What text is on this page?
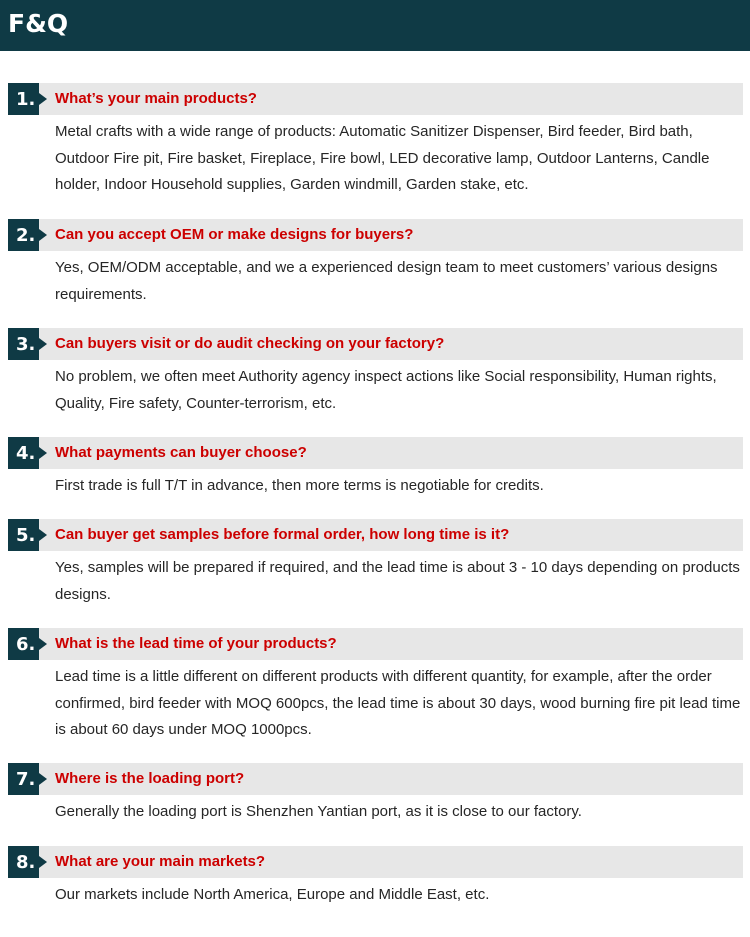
F&Q
1. What’s your main products?
Metal crafts with a wide range of products: Automatic Sanitizer Dispenser, Bird feeder, Bird bath, Outdoor Fire pit, Fire basket, Fireplace, Fire bowl, LED decorative lamp, Outdoor Lanterns, Candle holder, Indoor Household supplies, Garden windmill, Garden stake, etc.
2. Can you accept OEM or make designs for buyers?
Yes, OEM/ODM acceptable, and we a experienced design team to meet customers’ various designs requirements.
3. Can buyers visit or do audit checking on your factory?
No problem, we often meet Authority agency inspect actions like Social responsibility, Human rights, Quality, Fire safety, Counter-terrorism, etc.
4. What payments can buyer choose?
First trade is full T/T in advance, then more terms is negotiable for credits.
5. Can buyer get samples before formal order, how long time is it?
Yes, samples will be prepared if required, and the lead time is about 3 - 10 days depending on products designs.
6. What is the lead time of your products?
Lead time is a little different on different products with different quantity, for example, after the order confirmed, bird feeder with MOQ 600pcs, the lead time is about 30 days, wood burning fire pit lead time is about 60 days under MOQ 1000pcs.
7. Where is the loading port?
Generally the loading port is Shenzhen Yantian port, as it is close to our factory.
8. What are your main markets?
Our markets include North America, Europe and Middle East, etc.
